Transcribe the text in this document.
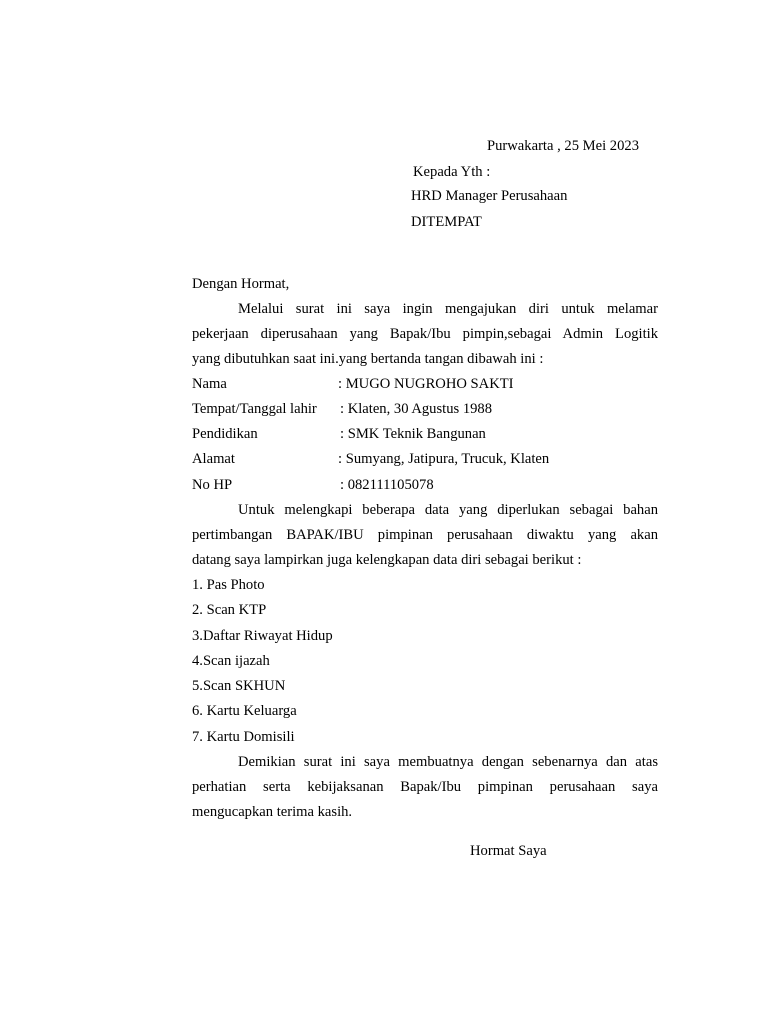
Purwakarta , 25 Mei 2023
Kepada Yth :
HRD Manager Perusahaan
DITEMPAT
Dengan Hormat,
Melalui surat ini saya ingin mengajukan diri untuk melamar
pekerjaan diperusahaan yang Bapak/Ibu pimpin,sebagai Admin Logitik
yang dibutuhkan saat ini.yang bertanda tangan dibawah ini :
Nama	: MUGO NUGROHO SAKTI
Tempat/Tanggal lahir : Klaten, 30 Agustus 1988
Pendidikan	: SMK Teknik Bangunan
Alamat	: Sumyang, Jatipura, Trucuk, Klaten
No HP	: 082111105078
Untuk melengkapi beberapa data yang diperlukan sebagai bahan
pertimbangan BAPAK/IBU pimpinan perusahaan diwaktu yang akan
datang saya lampirkan juga kelengkapan data diri sebagai berikut :
1. Pas Photo
2. Scan KTP
3.Daftar Riwayat Hidup
4.Scan ijazah
5.Scan SKHUN
6. Kartu Keluarga
7. Kartu Domisili
Demikian surat ini saya membuatnya dengan sebenarnya dan atas
perhatian serta kebijaksanan Bapak/Ibu pimpinan perusahaan saya
mengucapkan terima kasih.
Hormat Saya
